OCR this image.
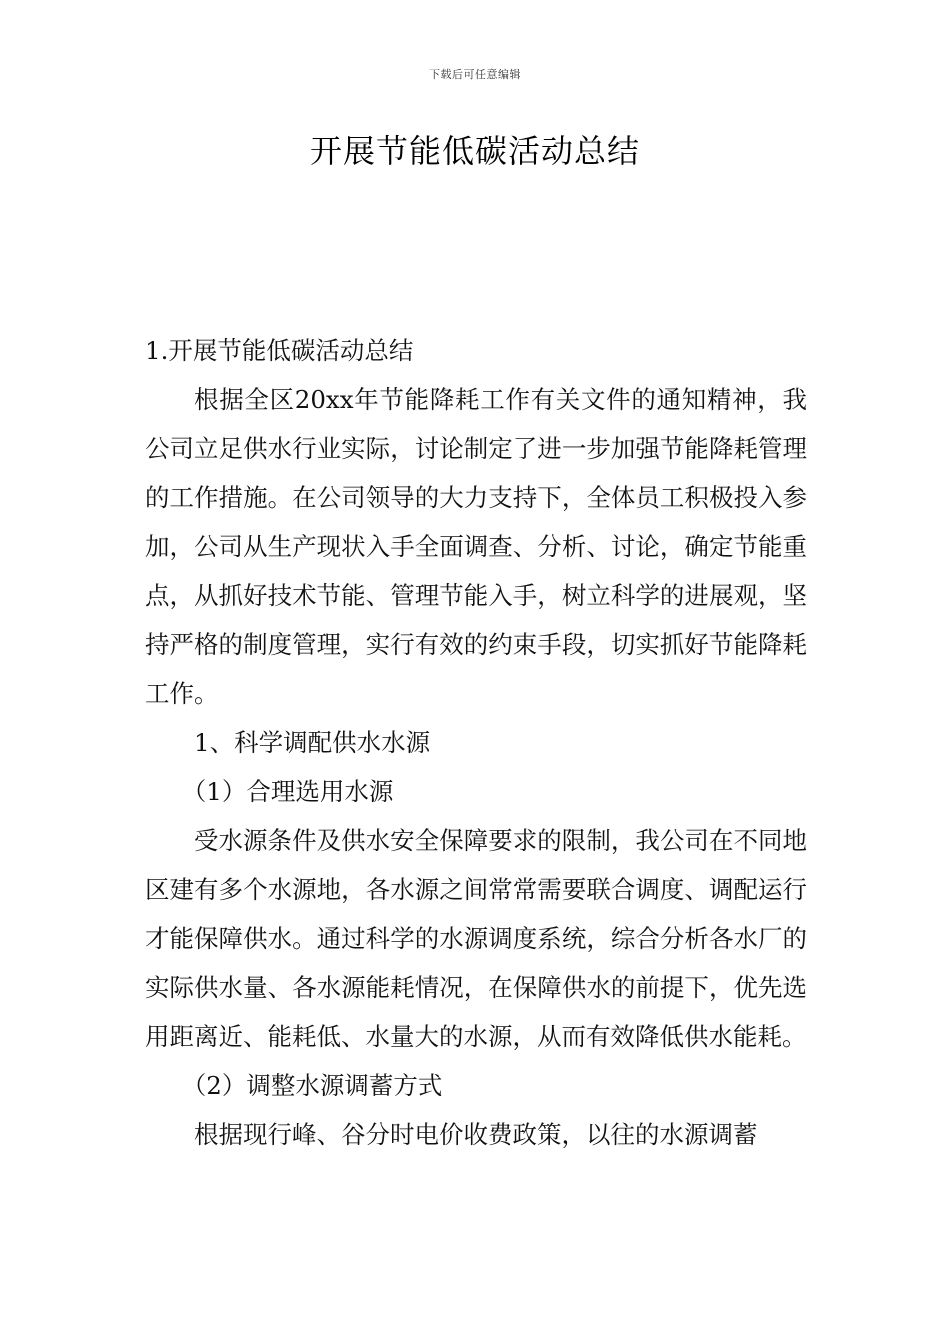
下载后可任意编辑
开展节能低碳活动总结

1.开展节能低碳活动总结

根据全区20xx年节能降耗工作有关文件的通知精神，我公司立足供水行业实际，讨论制定了进一步加强节能降耗管理的工作措施。在公司领导的大力支持下，全体员工积极投入参加，公司从生产现状入手全面调查、分析、讨论，确定节能重点，从抓好技术节能、管理节能入手，树立科学的进展观，坚持严格的制度管理，实行有效的约束手段，切实抓好节能降耗工作。

1、科学调配供水水源

（1）合理选用水源

受水源条件及供水安全保障要求的限制，我公司在不同地区建有多个水源地，各水源之间常常需要联合调度、调配运行才能保障供水。通过科学的水源调度系统，综合分析各水厂的实际供水量、各水源能耗情况，在保障供水的前提下，优先选用距离近、能耗低、水量大的水源，从而有效降低供水能耗。

（2）调整水源调蓄方式

根据现行峰、谷分时电价收费政策，以往的水源调蓄
